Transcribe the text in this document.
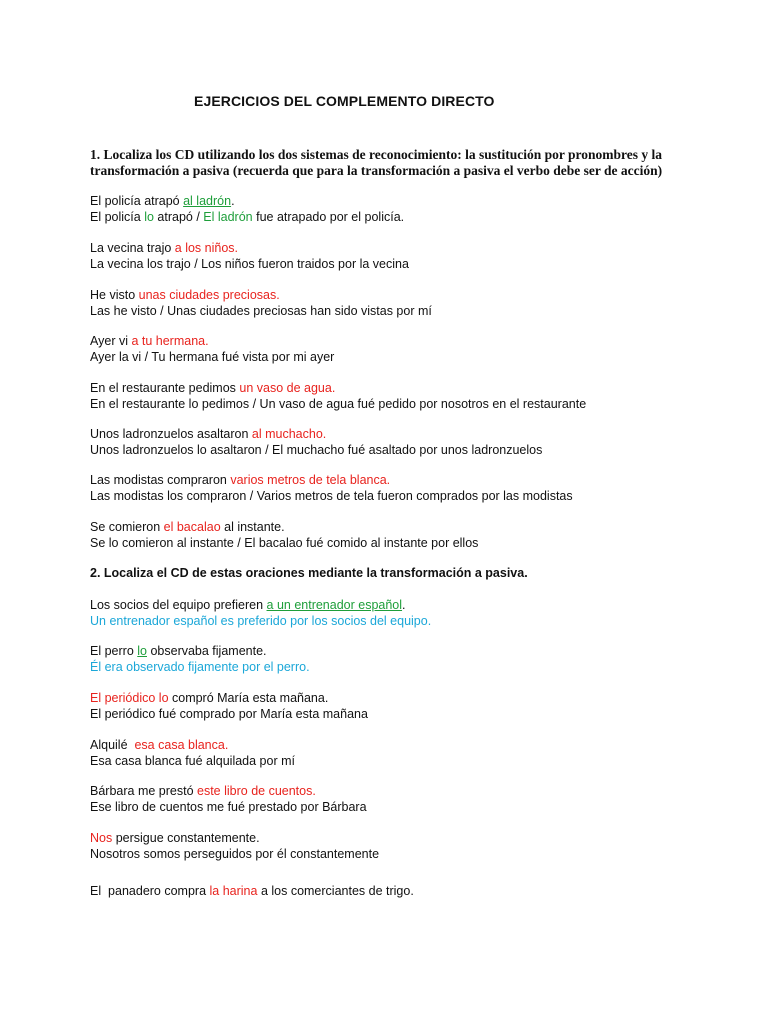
EJERCICIOS DEL COMPLEMENTO DIRECTO
1. Localiza los CD utilizando los dos sistemas de reconocimiento: la sustitución por pronombres y la
transformación a pasiva (recuerda que para la transformación a pasiva el verbo debe ser de acción)
El policía atrapó al ladrón.
El policía lo atrapó / El ladrón fue atrapado por el policía.
La vecina trajo a los niños.
La vecina los trajo / Los niños fueron traidos por la vecina
He visto unas ciudades preciosas.
Las he visto / Unas ciudades preciosas han sido vistas por mí
Ayer vi a tu hermana.
Ayer la vi / Tu hermana fué vista por mi ayer
En el restaurante pedimos un vaso de agua.
En el restaurante lo pedimos / Un vaso de agua fué pedido por nosotros en el restaurante
Unos ladronzuelos asaltaron al muchacho.
Unos ladronzuelos lo asaltaron / El muchacho fué asaltado por unos ladronzuelos
Las modistas compraron varios metros de tela blanca.
Las modistas los compraron / Varios metros de tela fueron comprados por las modistas
Se comieron el bacalao al instante.
Se lo comieron al instante / El bacalao fué comido al instante por ellos
2. Localiza el CD de estas oraciones mediante la transformación a pasiva.
Los socios del equipo prefieren a un entrenador español.
Un entrenador español es preferido por los socios del equipo.
El perro lo observaba fijamente.
Él era observado fijamente por el perro.
El periódico lo compró María esta mañana.
El periódico fué comprado por María esta mañana
Alquilé  esa casa blanca.
Esa casa blanca fué alquilada por mí
Bárbara me prestó este libro de cuentos.
Ese libro de cuentos me fué prestado por Bárbara
Nos persigue constantemente.
Nosotros somos perseguidos por él constantemente
El  panadero compra la harina a los comerciantes de trigo.
